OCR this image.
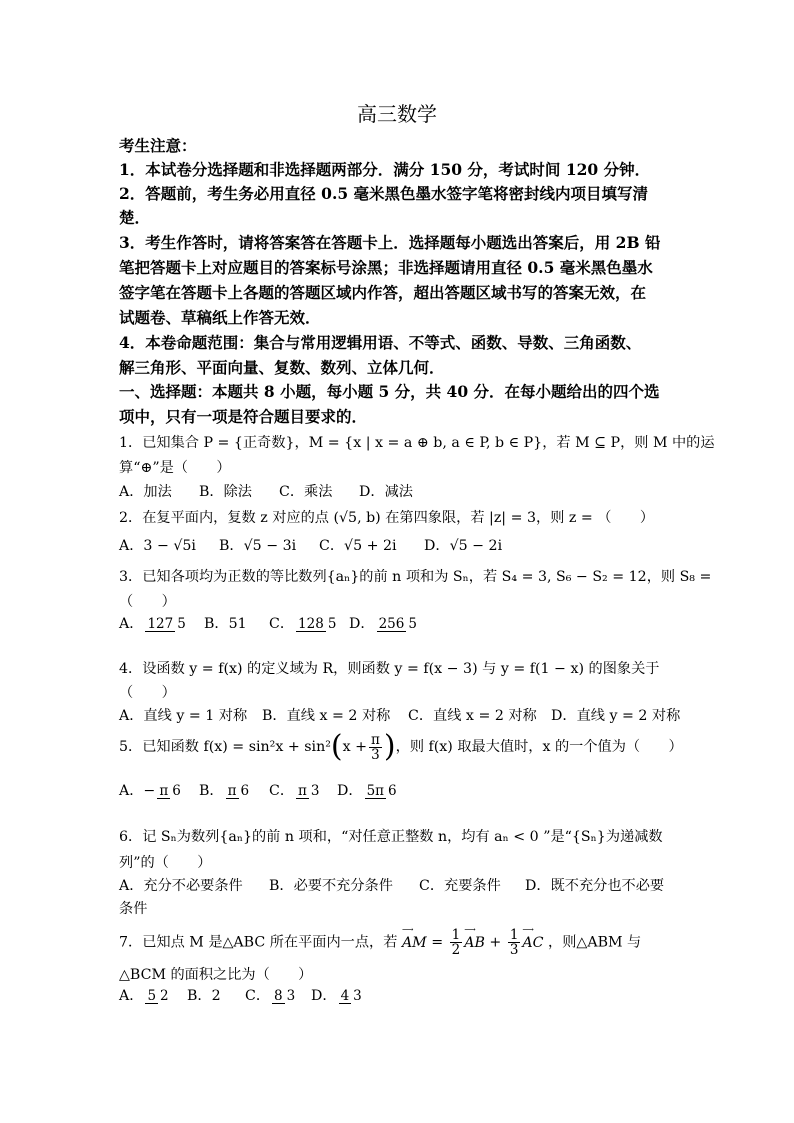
高三数学
考生注意：
1．本试卷分选择题和非选择题两部分．满分 150 分，考试时间 120 分钟．
2．答题前，考生务必用直径 0.5 毫米黑色墨水签字笔将密封线内项目填写清
楚．
3．考生作答时，请将答案答在答题卡上．选择题每小题选出答案后，用 2B 铅
笔把答题卡上对应题目的答案标号涂黑；非选择题请用直径 0.5 毫米黑色墨水
签字笔在答题卡上各题的答题区域内作答，超出答题区域书写的答案无效，在
试题卷、草稿纸上作答无效．
4．本卷命题范围：集合与常用逻辑用语、不等式、函数、导数、三角函数、
解三角形、平面向量、复数、数列、立体几何．
一、选择题：本题共 8 小题，每小题 5 分，共 40 分．在每小题给出的四个选
项中，只有一项是符合题目要求的．
1．已知集合 P = {正奇数}，M = {x | x = a ⊕ b, a ∈ P, b ∈ P}，若 M ⊆ P，则 M 中的运
算“⊕”是（　　）
A．加法 B．除法 C．乘法 D．减法
2．在复平面内，复数 z 对应的点 (√5, b) 在第四象限，若 |z| = 3，则 z = （　　）
A．3 − √5i B．√5 − 3i C．√5 + 2i D．√5 − 2i
3．已知各项均为正数的等比数列{aₙ}的前 n 项和为 Sₙ，若 S₄ = 3, S₆ − S₂ = 12，则 S₈ =
（　　）
A． 127 5 B．51 C． 128 5 D． 256 5
4．设函数 y = f(x) 的定义域为 R，则函数 y = f(x − 3) 与 y = f(1 − x) 的图象关于
（　　）
A．直线 y = 1 对称 B．直线 x = 2 对称 C．直线 x = 2 对称 D．直线 y = 2 对称
5．已知函数 $f(x) = \sin^2x + \sin^2(x + \frac{\pi}{3}$ )，则 f(x) 取最大值时，x 的一个值为（　　）
A．− π 6 B． π 6 C． π 3 D． 5π 6
6．记 Sₙ为数列{aₙ}的前 n 项和，“对任意正整数 n，均有 aₙ < 0 ”是“{Sₙ}为递减数
列”的（　　）
A．充分不必要条件 B．必要不充分条件 C．充要条件 D．既不充分也不必要
条件
7．已知点 M 是△ABC 所在平面内一点，若
⟶
AM = $\frac{1}{2}$ ⟶
AB + $\frac{1}{3}$ ⟶
AC ，则△ABM 与
△BCM 的面积之比为（　　）
A． 5 2 B．2 C． 8 3 D． 4 3
